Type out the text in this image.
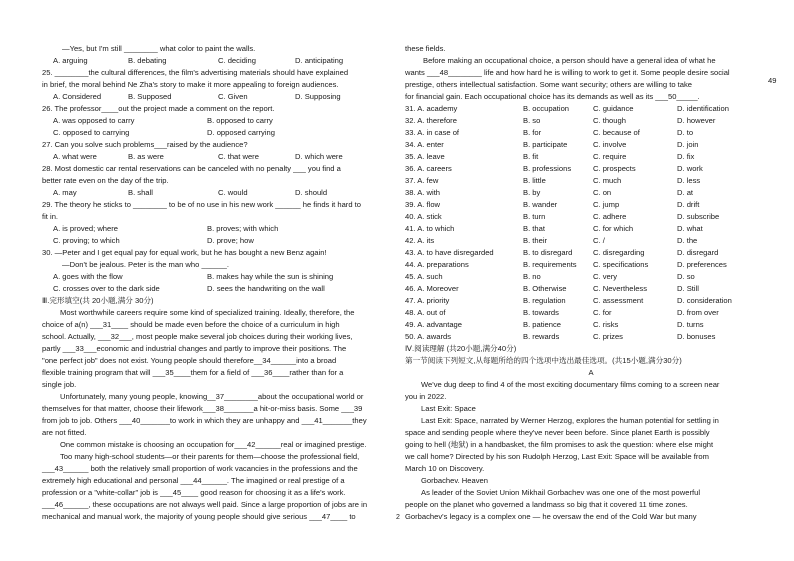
—Yes, but I'm still ________ what color to paint the walls.
A. arguing	B. debating	C. deciding	D. anticipating
25. ________the cultural differences, the film's advertising materials should have explained
in brief, the moral behind Ne Zha's story to make it more appealing to foreign audiences.
A. Considered	B. Supposed	C. Given	D. Supposing
26. The professor____out the project made a comment on the report.
A. was opposed to carry	B. opposed to carry
C. opposed to carrying	D. opposed carrying
27. Can you solve such problems___raised by the audience?
A. what were	B. as were	C. that were	D. which were
28. Most domestic car rental reservations can be canceled with no penalty ___ you find a
better rate even on the day of the trip.
A. may	B. shall	C. would	D. should
29. The theory he sticks to ________ to be of no use in his new work ______ he finds it hard to
fit in.
A. is proved; where	B. proves; with which
C. proving; to which	D. prove; how
30. —Peter and I get equal pay for equal work, but he has bought a new Benz again!
—Don't be jealous. Peter is the man who ______.
A. goes with the flow	B. makes hay while the sun is shining
C. crosses over to the dark side	D. sees the handwriting on the wall
Ⅲ.完形填空(共 20小题,满分 30分)
Most worthwhile careers require some kind of specialized training. Ideally, therefore, the
choice of a(n) ___31____ should be made even before the choice of a curriculum in high
school. Actually, ___32___, most people make several job choices during their working lives,
partly ___33___economic and industrial changes and partly to improve their positions. The
"one perfect job" does not exist. Young people should therefore__34______into a broad
flexible training program that will ___35____them for a field of ___36____rather than for a
single job.
Unfortunately, many young people, knowing__37________about the occupational world or
themselves for that matter, choose their lifework___38_______a hit-or-miss basis. Some ___39
from job to job. Others ___40_______to work in which they are unhappy and ___41_______they
are not fitted.
One common mistake is choosing an occupation for___42______real or imagined prestige.
Too many high-school students—or their parents for them—choose the professional field,
___43______ both the relatively small proportion of work vacancies in the professions and the
extremely high educational and personal ___44______. The imagined or real prestige of a
profession or a "white-collar" job is ___45____ good reason for choosing it as a life's work.
___46______, these occupations are not always well paid. Since a large proportion of jobs are in
mechanical and manual work, the majority of young people should give serious ___47____ to
these fields.
Before making an occupational choice, a person should have a general idea of what he
wants ___48________ life and how hard he is willing to work to get it. Some people desire social
prestige, others intellectual satisfaction. Some want security; others are willing to take	49
for financial gain. Each occupational choice has its demands as well as its ___50_____.
31. A. academy	B. occupation	C. guidance	D. identification
32. A. therefore	B. so	C. though	D. however
33. A. in case of	B. for	C. because of	D. to
34. A. enter	B. participate	C. involve	D. join
35. A. leave	B. fit	C. require	D. fix
36. A. careers	B. professions	C. prospects	D. work
37. A. few	B. little	C. much	D. less
38. A. with	B. by	C. on	D. at
39. A. flow	B. wander	C. jump	D. drift
40. A. stick	B. turn	C. adhere	D. subscribe
41. A. to which	B. that	C. for which	D. what
42. A. its	B. their	C. /	D. the
43. A. to have disregarded	B. to disregard	C. disregarding	D. disregard
44. A. preparations	B. requirements C. specifications	D. preferences
45. A. such	B. no	C. very	D. so
46. A. Moreover	B. Otherwise	C. Nevertheless	D. Still
47. A. priority	B. regulation	C. assessment	D. consideration
48. A. out of	B. towards	C. for	D. from over
49. A. advantage	B. patience	C. risks	D. turns
50. A. awards	B. rewards	C. prizes	D. bonuses
Ⅳ.阅读理解 (共20小题,满分40分)
第一节阅读下列短文,从每题所给的四个选项中选出最佳选项。(共15小题,满分30分)
A
We've dug deep to find 4 of the most exciting documentary films coming to a screen near
you in 2022.
Last Exit: Space
Last Exit: Space, narrated by Werner Herzog, explores the human potential for settling in
space and sending people where they've never been before. Since planet Earth is possibly
going to hell (地狱) in a handbasket, the film promises to ask the question: where else might
we call home? Directed by his son Rudolph Herzog, Last Exit: Space will be available from
March 10 on Discovery.
Gorbachev. Heaven
As leader of the Soviet Union Mikhail Gorbachev was one one of the most powerful
people on the planet who governed a landmass so big that it covered 11 time zones.
Gorbachev's legacy is a complex one — he oversaw the end of the Cold War but many
2
